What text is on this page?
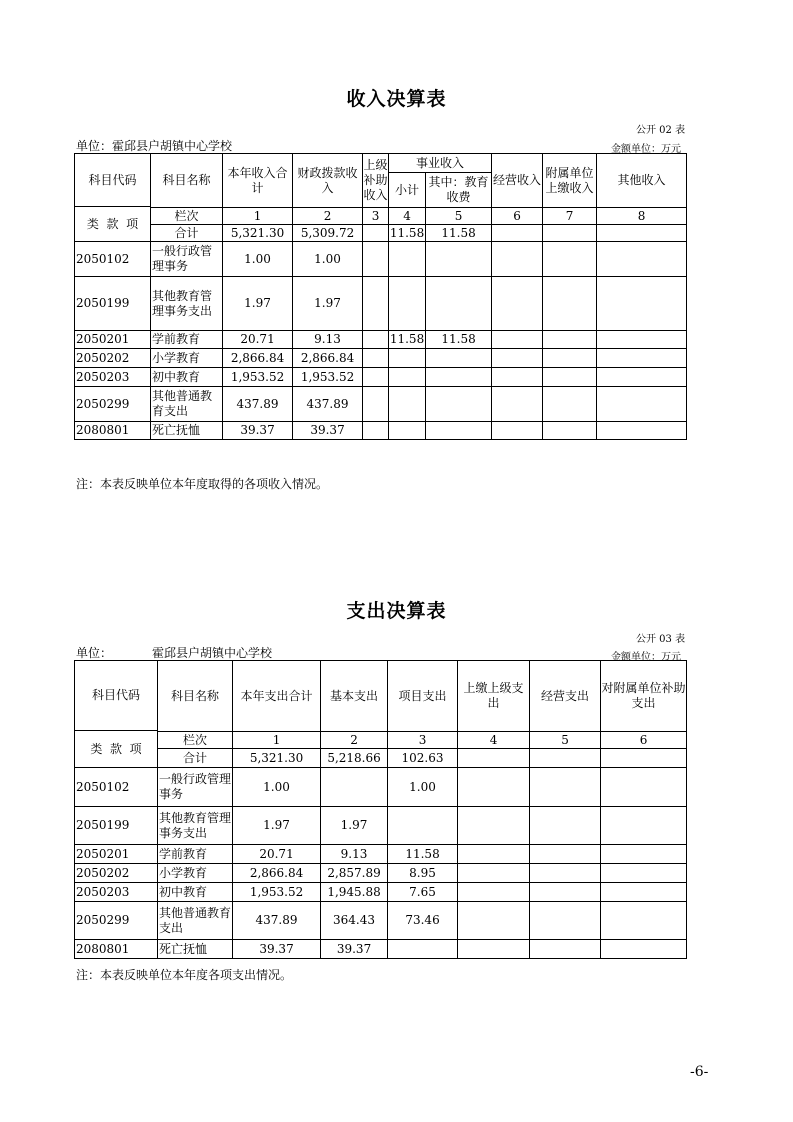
收入决算表
公开 02 表
单位：霍邱县户胡镇中心学校	金额单位：万元
科目代码	科目名称	本年收入合计	财政拨款收入	上级补助收入	事业收入		经营收入	附属单位上缴收入	其他收入
					小计	其中：教育收费			
类 款 项									
	栏次	1	2	3	4	5	6	7	8
	合计	5,321.30	5,309.72		11.58	11.58			
2050102	一般行政管理事务	1.00	1.00						
2050199	其他教育管理事务支出	1.97	1.97						
2050201	学前教育	20.71	9.13		11.58	11.58			
2050202	小学教育	2,866.84	2,866.84						
2050203	初中教育	1,953.52	1,953.52						
2050299	其他普通教育支出	437.89	437.89						
2080801	死亡抚恤	39.37	39.37						
注：本表反映单位本年度取得的各项收入情况。
支出决算表
公开 03 表
单位：	霍邱县户胡镇中心学校	金额单位：万元
科目代码	科目名称	本年支出合计	基本支出	项目支出	上缴上级支出	经营支出	对附属单位补助支出
类 款 项							
	栏次	1	2	3	4	5	6
	合计	5,321.30	5,218.66	102.63			
2050102	一般行政管理事务	1.00		1.00			
2050199	其他教育管理事务支出	1.97	1.97				
2050201	学前教育	20.71	9.13	11.58			
2050202	小学教育	2,866.84	2,857.89	8.95			
2050203	初中教育	1,953.52	1,945.88	7.65			
2050299	其他普通教育支出	437.89	364.43	73.46			
2080801	死亡抚恤	39.37	39.37				
注：本表反映单位本年度各项支出情况。
-6-
